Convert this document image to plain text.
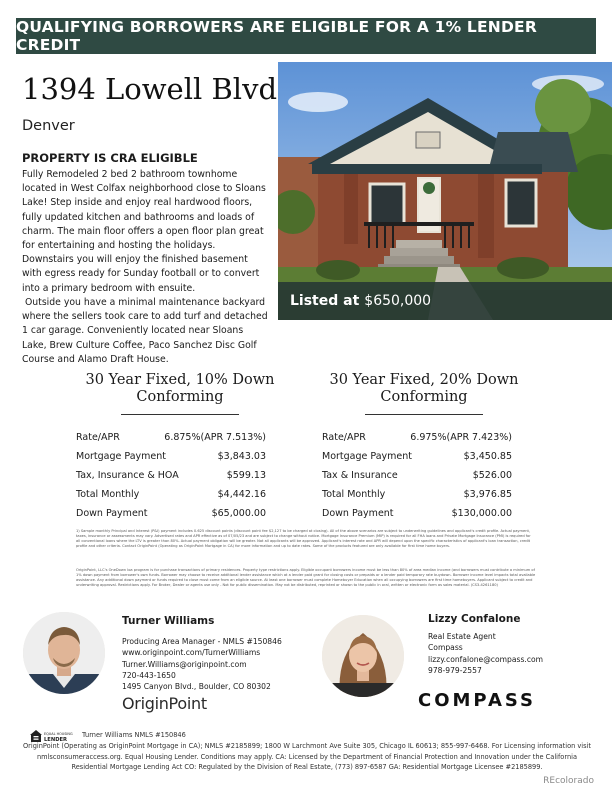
QUALIFYING BORROWERS ARE ELIGIBLE FOR A 1% LENDER CREDIT
1394 Lowell Blvd
Denver
PROPERTY IS CRA ELIGIBLE

Fully Remodeled 2 bed 2 bathroom townhome located in West Colfax neighborhood close to Sloans Lake! Step inside and enjoy real hardwood floors, fully updated kitchen and bathrooms and loads of charm. The main floor offers a open floor plan great for entertaining and hosting the holidays. Downstairs you will enjoy the finished basement with egress ready for Sunday football or to convert into a primary bedroom with ensuite.

Outside you have a minimal maintenance backyard where the sellers took care to add turf and detached 1 car garage. Conveniently located near Sloans Lake, Brew Culture Coffee, Paco Sanchez Disc Golf Course and Alamo Draft House.

Listed at $650,000
30 Year Fixed, 10% Down Conforming
Rate/APR	6.875%(APR 7.513%)
Mortgage Payment	$3,843.03
Tax, Insurance & HOA	$599.13
Total Monthly	$4,442.16
Down Payment	$65,000.00
30 Year Fixed, 20% Down Conforming
Rate/APR	6.975%(APR 7.423%)
Mortgage Payment	$3,450.85
Tax & Insurance	$526.00
Total Monthly	$3,976.85
Down Payment	$130,000.00

1) Sample monthly Principal and Interest (P&I) payment includes 0.625 discount points (discount point fee $2,127 to be charged at closing). All of the above scenarios are subject to underwriting guidelines and applicant's credit profile. Actual payment, taxes, insurance or assessments may vary. Advertised rates and APR effective as of 07/05/23 and are subject to change without notice. Mortgage Insurance Premium (MIP) is required for all FHA loans and Private Mortgage Insurance (PMI) is required for all conventional loans where the LTV is greater than 80%. Actual payment obligation will be greater. Not all applicants will be approved. Applicant's interest rate and APR will depend upon the specific characteristics of applicant's loan transaction, credit profile and other criteria. Contact OriginPoint (Operating as OriginPoint Mortgage in CA) for more information and up to date rates. Some of the products featured are only available for first time home buyers.

OriginPoint, LLC's OneDown loa program is for purchase transactions of primary residences. Property type restrictions apply. Eligible occupant borrowers income must be less than 80% of area median income (and borrowers must contribute a minimum of 1% down payment from borrower's own funds. Borrower may choose to receive additional lender assistance which at a lender paid grant for closing costs or prepaids or a lender paid temporary rate buydown. Borrower income level impacts total available assistance. Any additional down payment or funds required to close must come from an eligible source. At least one borrower must complete Homebuyer Education when all occupying borrowers are first time homebuyers. Applicant subject to credit and underwriting approval. Restrictions apply. For Broker, Dealer or agents use only - Not for public dissemination. May not be distributed, reprinted or shown to the public in oral, written or electronic form as sales material. (CS3-4261180)

Turner Williams
Producing Area Manager - NMLS #150846
www.originpoint.com/TurnerWilliams
Turner.Williams@originpoint.com
720-443-1650
1495 Canyon Blvd., Boulder, CO 80302
OriginPoint
Lizzy Confalone
Real Estate Agent
Compass
lizzy.confalone@compass.com
978-979-2557
COMPASS
EQUAL HOUSING
LENDER
Turner Williams NMLS #150846

OriginPoint (Operating as OriginPoint Mortgage in CA); NMLS #2185899; 1800 W Larchmont Ave Suite 305, Chicago IL 60613; 855-997-6468. For Licensing information visit nmlsconsumeraccess.org. Equal Housing Lender. Conditions may apply. CA: Licensed by the Department of Financial Protection and Innovation under the California Residential Mortgage Lending Act CO: Regulated by the Division of Real Estate, (773) 897-6587 GA: Residential Mortgage Licensee #2185899.

REcolorado
